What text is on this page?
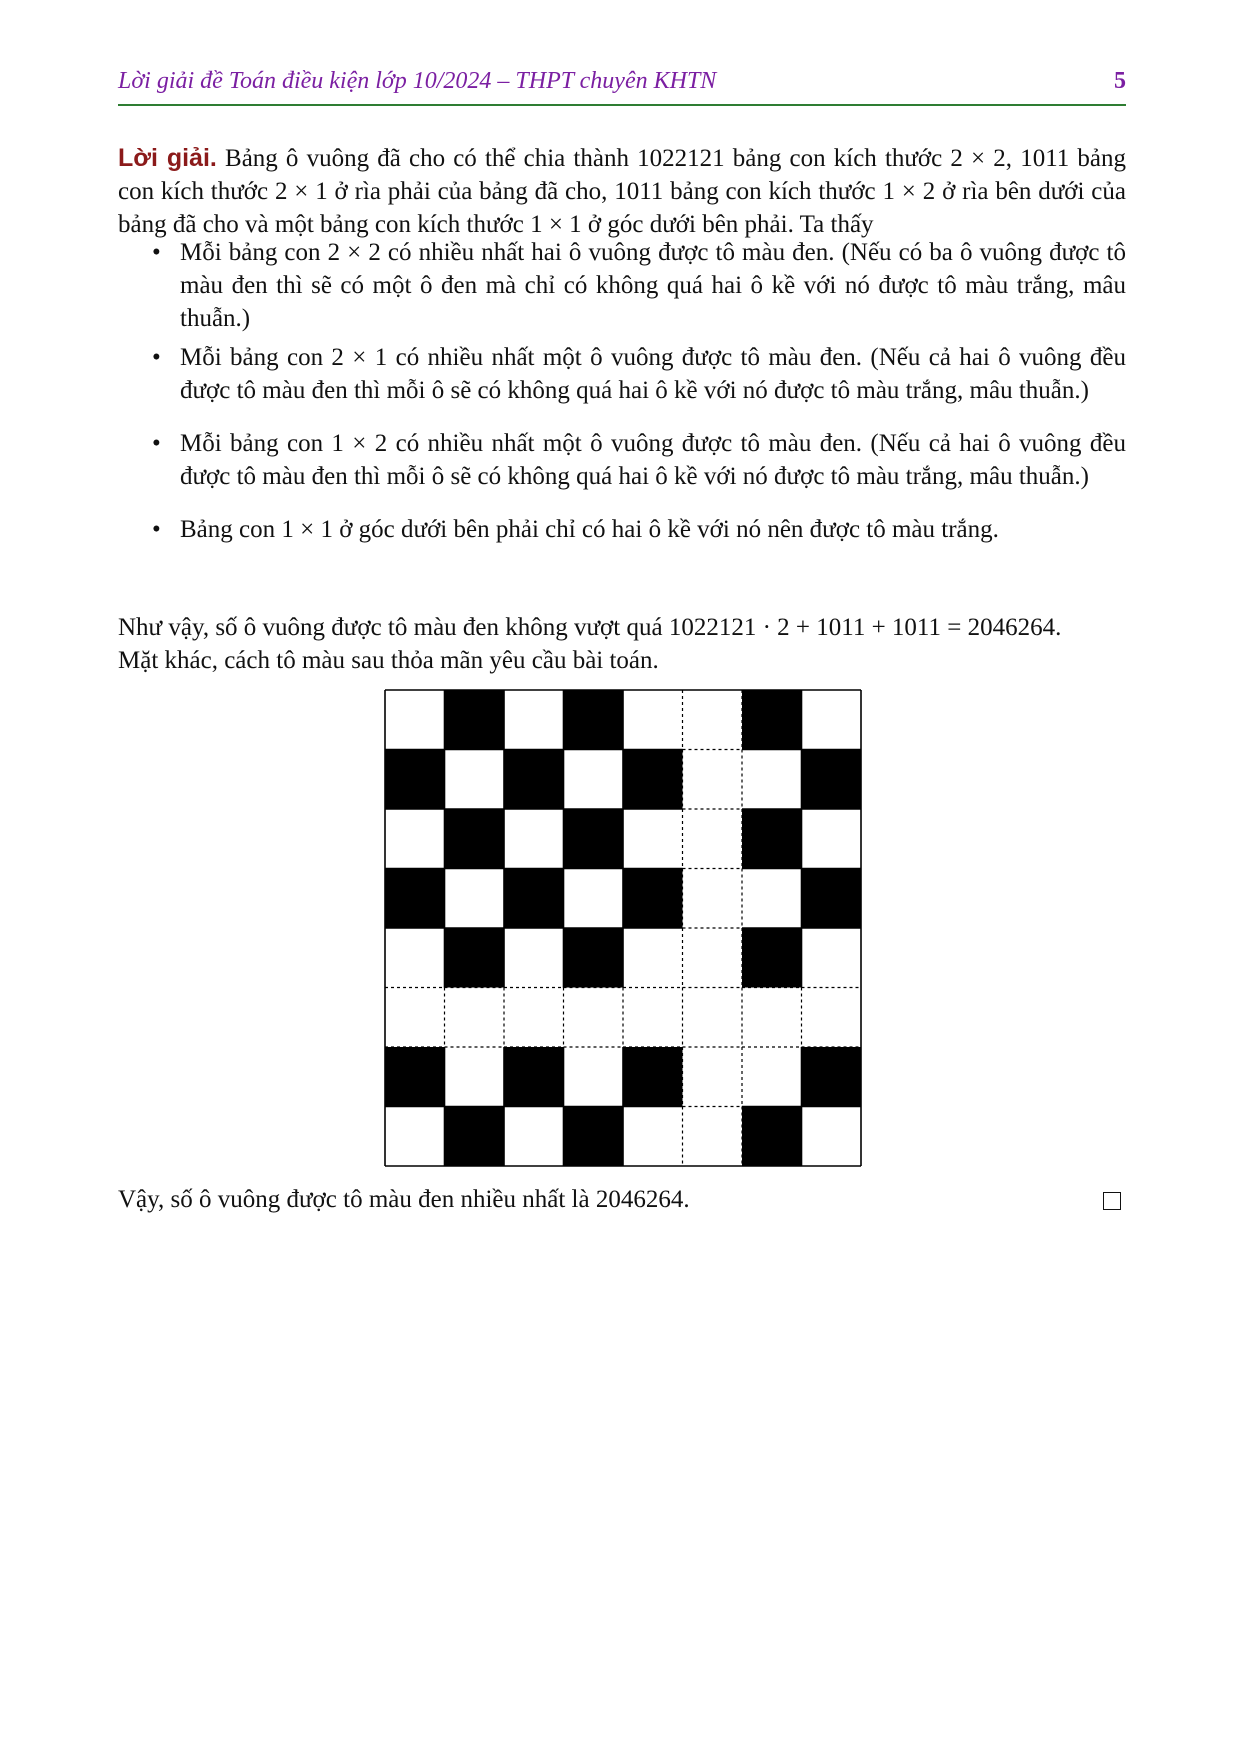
Lời giải đề Toán điều kiện lớp 10/2024 – THPT chuyên KHTN	5

Lời giải. Bảng ô vuông đã cho có thể chia thành 1022121 bảng con kích thước 2 × 2, 1011 bảng con kích thước 2 × 1 ở rìa phải của bảng đã cho, 1011 bảng con kích thước 1 × 2 ở rìa bên dưới của bảng đã cho và một bảng con kích thước 1 × 1 ở góc dưới bên phải. Ta thấy

• Mỗi bảng con 2 × 2 có nhiều nhất hai ô vuông được tô màu đen. (Nếu có ba ô vuông được tô màu đen thì sẽ có một ô đen mà chỉ có không quá hai ô kề với nó được tô màu trắng, mâu thuẫn.)
• Mỗi bảng con 2 × 1 có nhiều nhất một ô vuông được tô màu đen. (Nếu cả hai ô vuông đều được tô màu đen thì mỗi ô sẽ có không quá hai ô kề với nó được tô màu trắng, mâu thuẫn.)
• Mỗi bảng con 1 × 2 có nhiều nhất một ô vuông được tô màu đen. (Nếu cả hai ô vuông đều được tô màu đen thì mỗi ô sẽ có không quá hai ô kề với nó được tô màu trắng, mâu thuẫn.)
• Bảng con 1 × 1 ở góc dưới bên phải chỉ có hai ô kề với nó nên được tô màu trắng.
Như vậy, số ô vuông được tô màu đen không vượt quá 1022121 · 2 + 1011 + 1011 = 2046264.
Mặt khác, cách tô màu sau thỏa mãn yêu cầu bài toán.
Vậy, số ô vuông được tô màu đen nhiều nhất là 2046264.
